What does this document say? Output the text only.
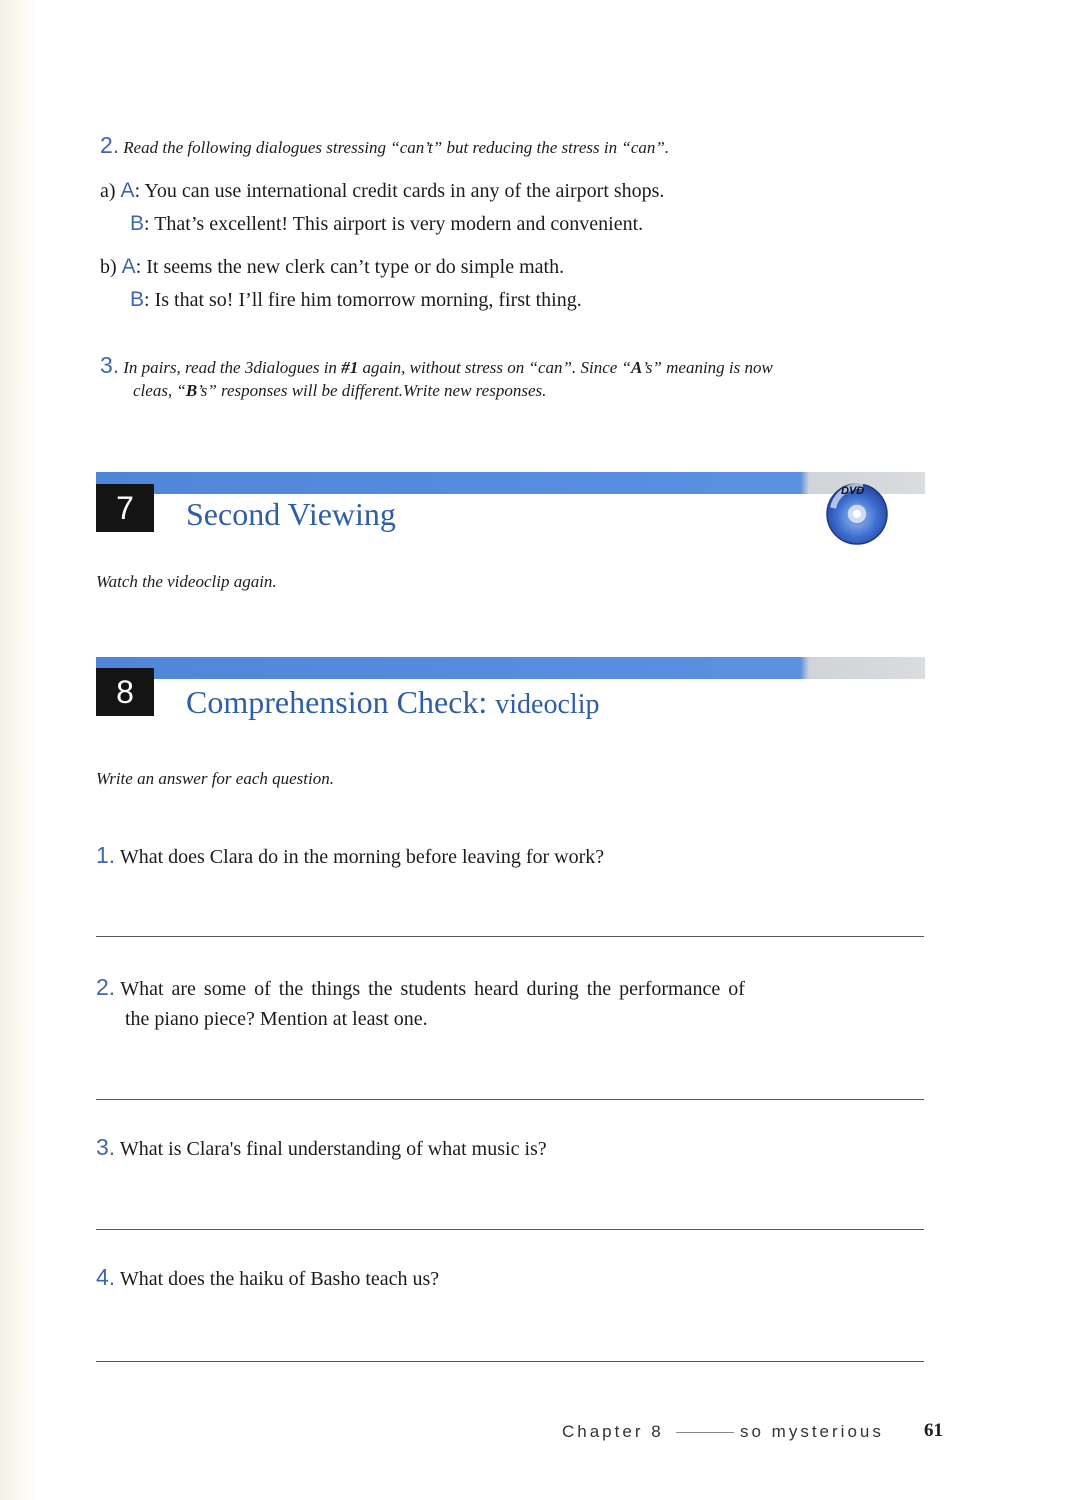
2. Read the following dialogues stressing “can’t” but reducing the stress in “can”.
a) A: You can use international credit cards in any of the airport shops.
B: That’s excellent! This airport is very modern and convenient.
b) A: It seems the new clerk can’t type or do simple math.
B: Is that so! I’ll fire him tomorrow morning, first thing.
3. In pairs, read the 3dialogues in #1 again, without stress on “can”. Since “A’s” meaning is now
cleas, “B’s” responses will be different.Write new responses.
7	Second Viewing
DVD
Watch the videoclip again.
8	Comprehension Check: videoclip
Write an answer for each question.
1. What does Clara do in the morning before leaving for work?
2. What are some of the things the students heard during the performance of
the piano piece? Mention at least one.
3. What is Clara's final understanding of what music is?
4. What does the haiku of Basho teach us?
Chapter 8	so mysterious 61
